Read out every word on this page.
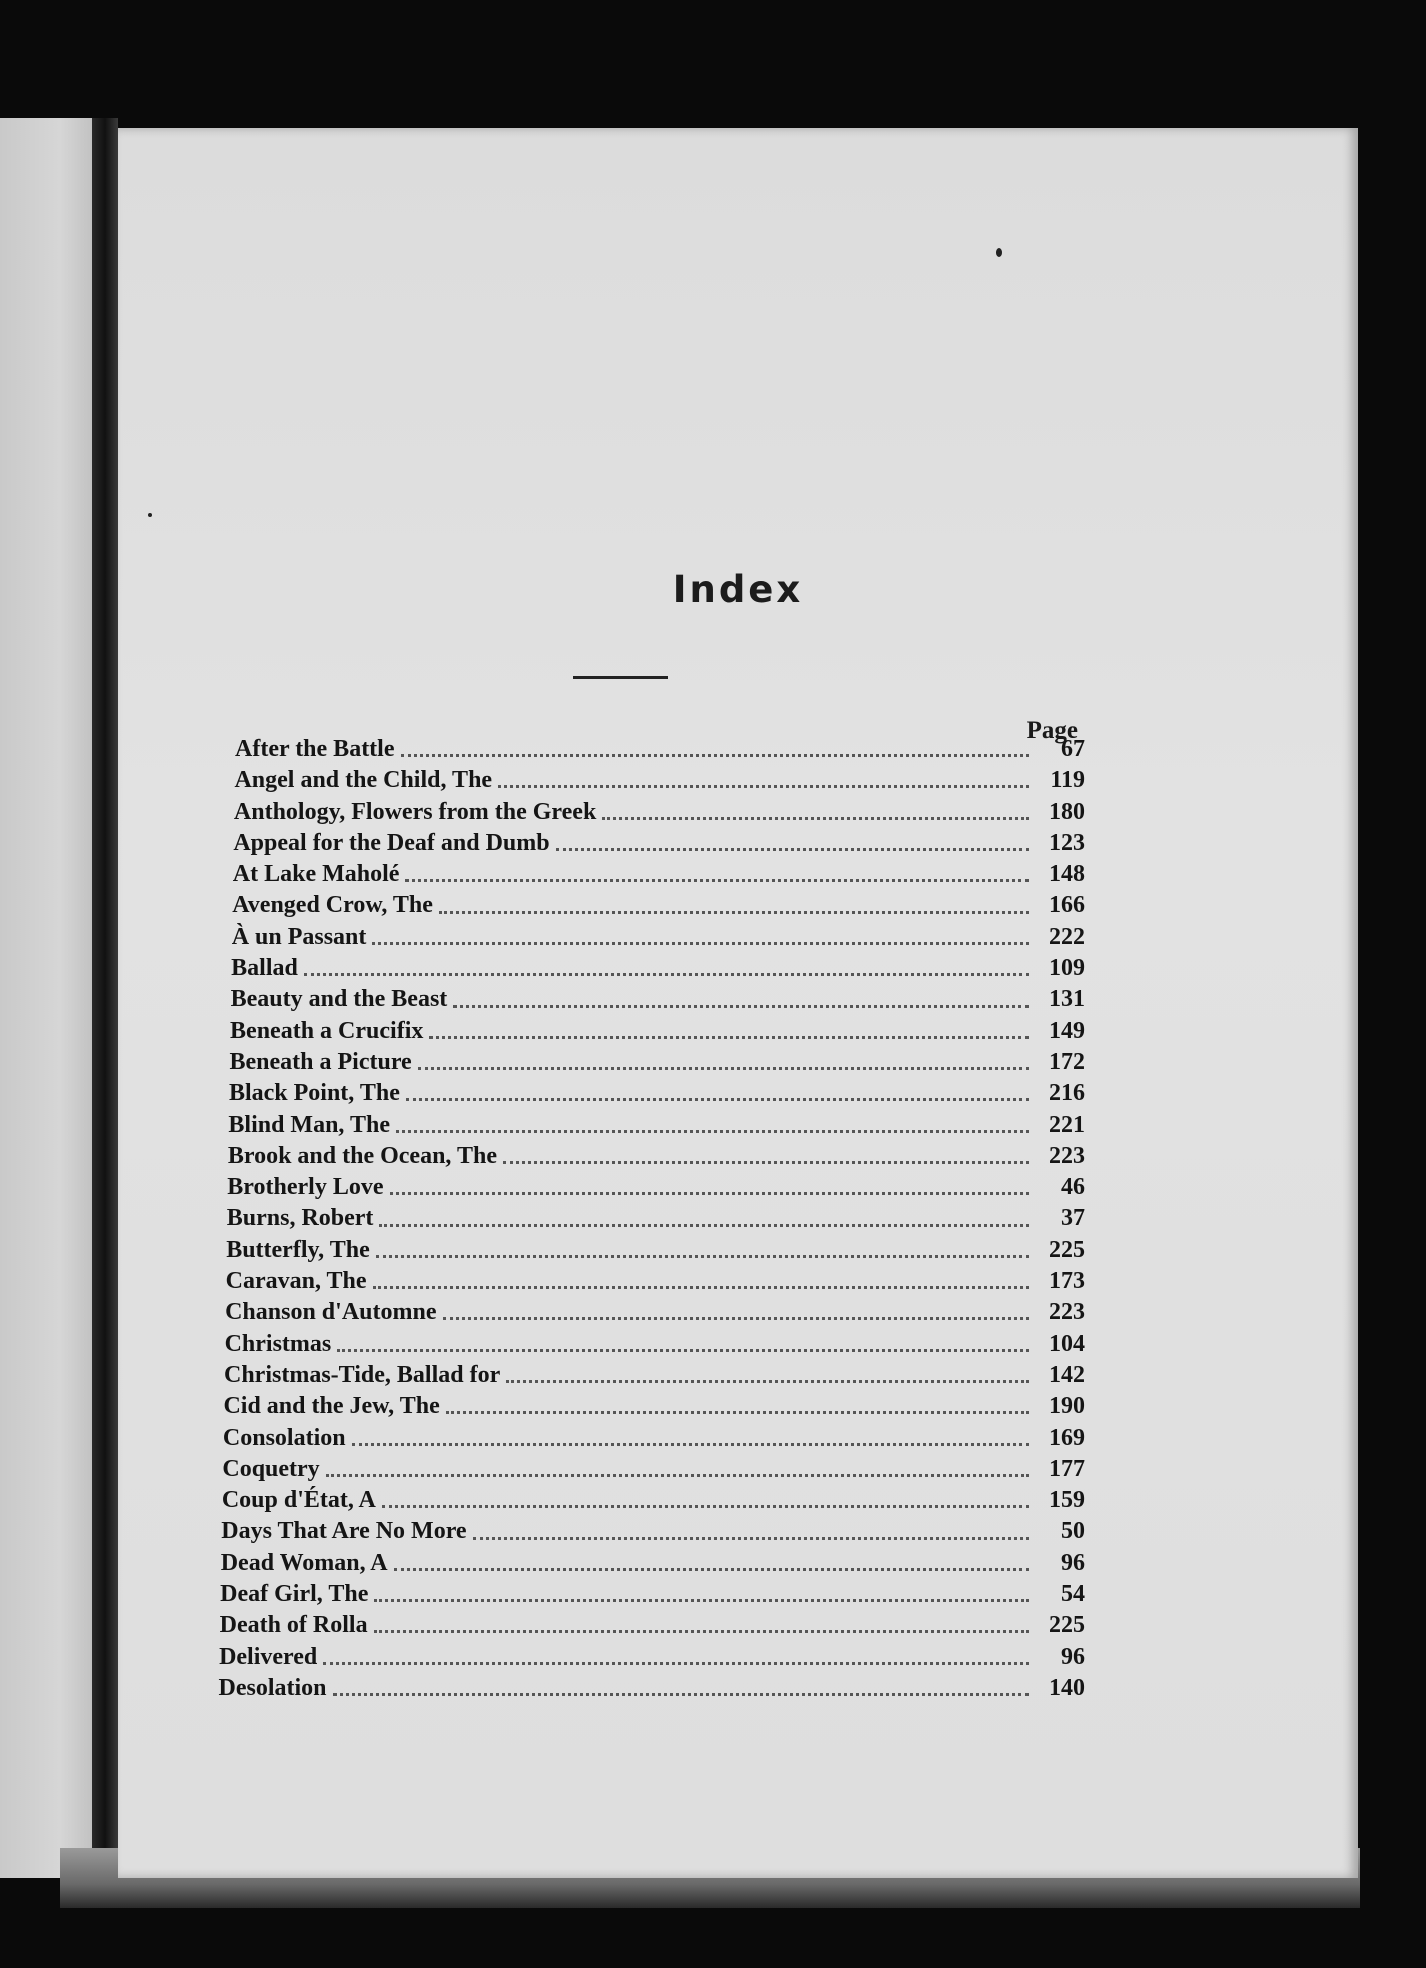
Index
Page
After the Battle	67
Angel and the Child, The	119
Anthology, Flowers from the Greek	180
Appeal for the Deaf and Dumb	123
At Lake Maholé	148
Avenged Crow, The	166
À un Passant	222
Ballad	109
Beauty and the Beast	131
Beneath a Crucifix	149
Beneath a Picture	172
Black Point, The	216
Blind Man, The	221
Brook and the Ocean, The	223
Brotherly Love	46
Burns, Robert	37
Butterfly, The	225
Caravan, The	173
Chanson d'Automne	223
Christmas	104
Christmas-Tide, Ballad for	142
Cid and the Jew, The	190
Consolation	169
Coquetry	177
Coup d'État, A	159
Days That Are No More	50
Dead Woman, A	96
Deaf Girl, The	54
Death of Rolla	225
Delivered	96
Desolation	140
